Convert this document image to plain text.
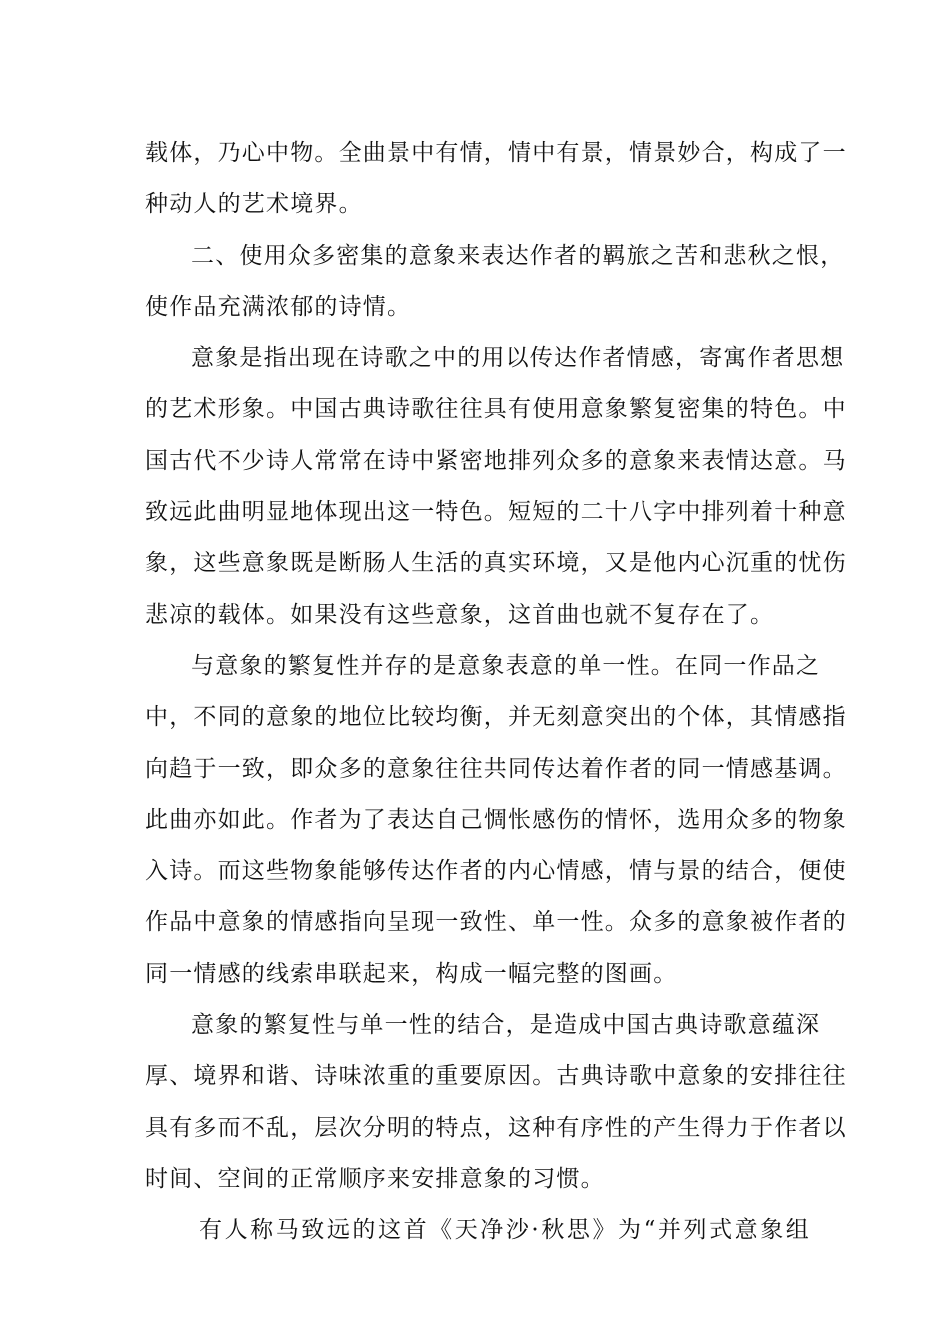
载体，乃心中物。全曲景中有情，情中有景，情景妙合，构成了一
种动人的艺术境界。
二、使用众多密集的意象来表达作者的羁旅之苦和悲秋之恨，
使作品充满浓郁的诗情。
意象是指出现在诗歌之中的用以传达作者情感，寄寓作者思想
的艺术形象。中国古典诗歌往往具有使用意象繁复密集的特色。中
国古代不少诗人常常在诗中紧密地排列众多的意象来表情达意。马
致远此曲明显地体现出这一特色。短短的二十八字中排列着十种意
象，这些意象既是断肠人生活的真实环境，又是他内心沉重的忧伤
悲凉的载体。如果没有这些意象，这首曲也就不复存在了。
与意象的繁复性并存的是意象表意的单一性。在同一作品之
中，不同的意象的地位比较均衡，并无刻意突出的个体，其情感指
向趋于一致，即众多的意象往往共同传达着作者的同一情感基调。
此曲亦如此。作者为了表达自己惆怅感伤的情怀，选用众多的物象
入诗。而这些物象能够传达作者的内心情感，情与景的结合，便使
作品中意象的情感指向呈现一致性、单一性。众多的意象被作者的
同一情感的线索串联起来，构成一幅完整的图画。
意象的繁复性与单一性的结合，是造成中国古典诗歌意蕴深
厚、境界和谐、诗味浓重的重要原因。古典诗歌中意象的安排往往
具有多而不乱，层次分明的特点，这种有序性的产生得力于作者以
时间、空间的正常顺序来安排意象的习惯。
有人称马致远的这首《天净沙·秋思》为“并列式意象组
